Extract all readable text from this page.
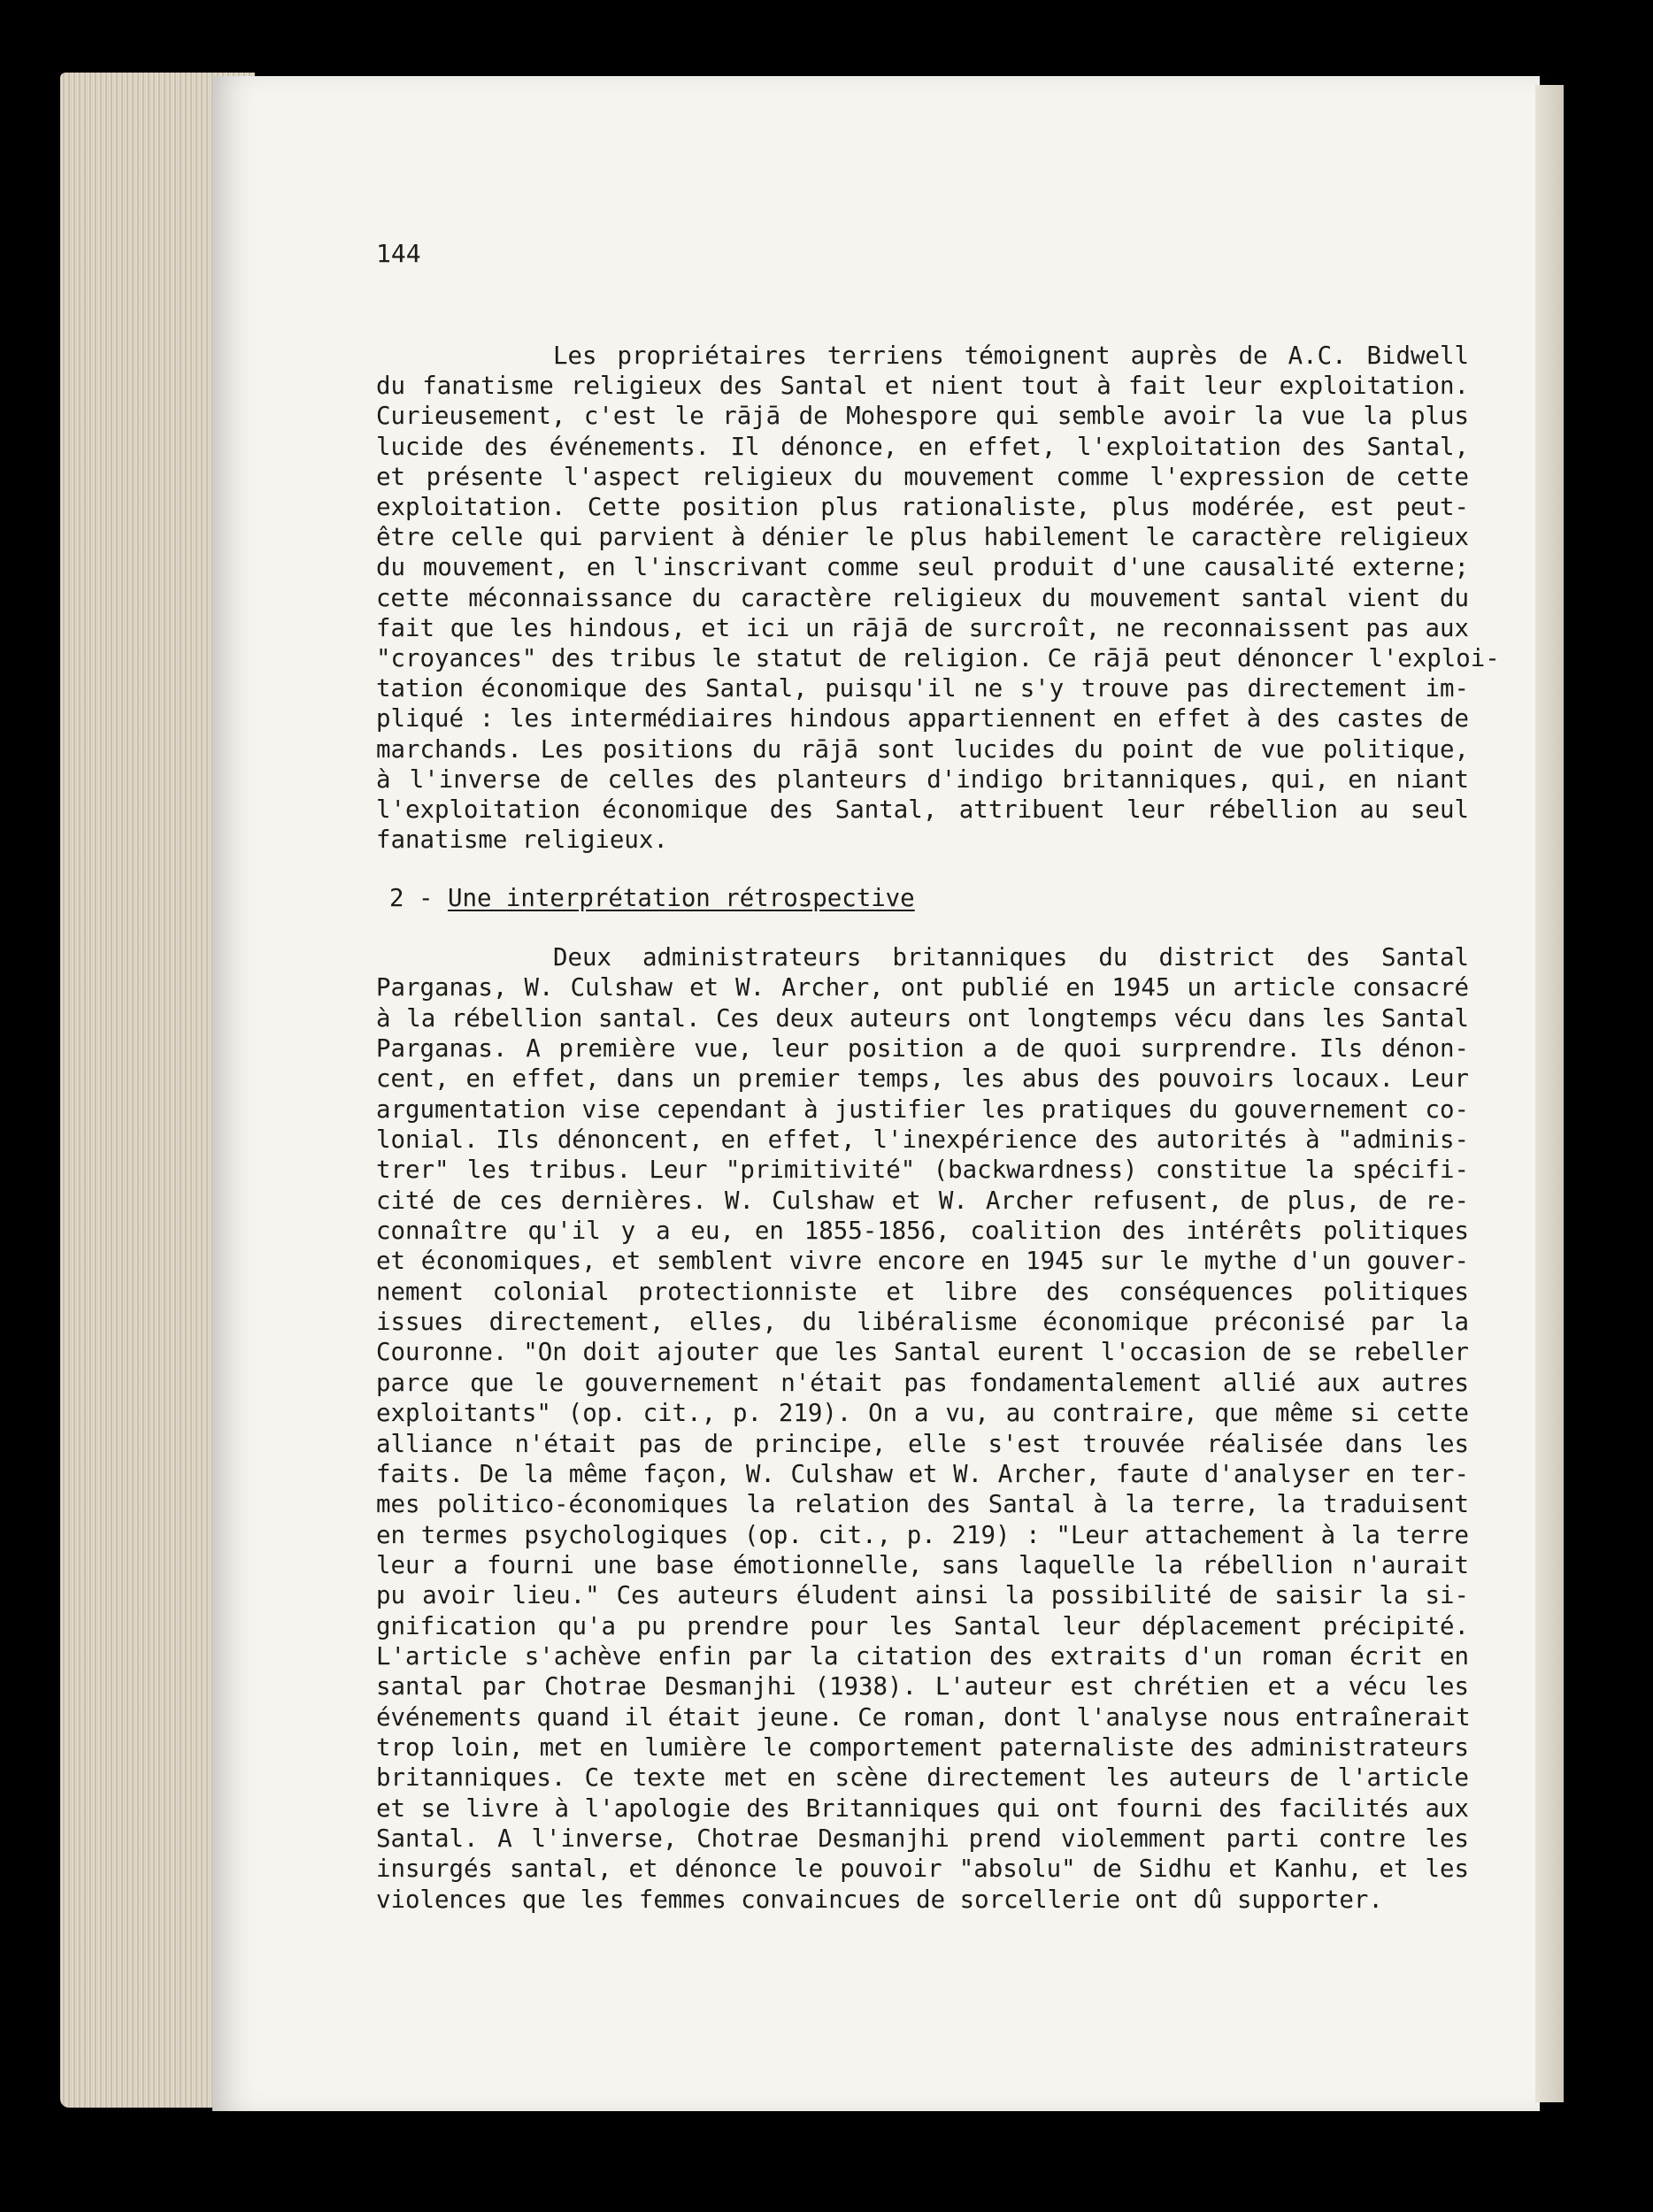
144
Les propriétaires terriens témoignent auprès de A.C. Bidwell
du fanatisme religieux des Santal et nient tout à fait leur exploitation.
Curieusement, c'est le rājā de Mohespore qui semble avoir la vue la plus
lucide des événements. Il dénonce, en effet, l'exploitation des Santal,
et présente l'aspect religieux du mouvement comme l'expression de cette
exploitation. Cette position plus rationaliste, plus modérée, est peut-
être celle qui parvient à dénier le plus habilement le caractère religieux
du mouvement, en l'inscrivant comme seul produit d'une causalité externe;
cette méconnaissance du caractère religieux du mouvement santal vient du
fait que les hindous, et ici un rājā de surcroît, ne reconnaissent pas aux
"croyances" des tribus le statut de religion. Ce rājā peut dénoncer l'exploi-
tation économique des Santal, puisqu'il ne s'y trouve pas directement im-
pliqué : les intermédiaires hindous appartiennent en effet à des castes de
marchands. Les positions du rājā sont lucides du point de vue politique,
à l'inverse de celles des planteurs d'indigo britanniques, qui, en niant
l'exploitation économique des Santal, attribuent leur rébellion au seul
fanatisme religieux.
2 - Une interprétation rétrospective
Deux administrateurs britanniques du district des Santal
Parganas, W. Culshaw et W. Archer, ont publié en 1945 un article consacré
à la rébellion santal. Ces deux auteurs ont longtemps vécu dans les Santal
Parganas. A première vue, leur position a de quoi surprendre. Ils dénon-
cent, en effet, dans un premier temps, les abus des pouvoirs locaux. Leur
argumentation vise cependant à justifier les pratiques du gouvernement co-
lonial. Ils dénoncent, en effet, l'inexpérience des autorités à "adminis-
trer" les tribus. Leur "primitivité" (backwardness) constitue la spécifi-
cité de ces dernières. W. Culshaw et W. Archer refusent, de plus, de re-
connaître qu'il y a eu, en 1855-1856, coalition des intérêts politiques
et économiques, et semblent vivre encore en 1945 sur le mythe d'un gouver-
nement colonial protectionniste et libre des conséquences politiques
issues directement, elles, du libéralisme économique préconisé par la
Couronne. "On doit ajouter que les Santal eurent l'occasion de se rebeller
parce que le gouvernement n'était pas fondamentalement allié aux autres
exploitants" (op. cit., p. 219). On a vu, au contraire, que même si cette
alliance n'était pas de principe, elle s'est trouvée réalisée dans les
faits. De la même façon, W. Culshaw et W. Archer, faute d'analyser en ter-
mes politico-économiques la relation des Santal à la terre, la traduisent
en termes psychologiques (op. cit., p. 219) : "Leur attachement à la terre
leur a fourni une base émotionnelle, sans laquelle la rébellion n'aurait
pu avoir lieu." Ces auteurs éludent ainsi la possibilité de saisir la si-
gnification qu'a pu prendre pour les Santal leur déplacement précipité.
L'article s'achève enfin par la citation des extraits d'un roman écrit en
santal par Chotrae Desmanjhi (1938). L'auteur est chrétien et a vécu les
événements quand il était jeune. Ce roman, dont l'analyse nous entraînerait
trop loin, met en lumière le comportement paternaliste des administrateurs
britanniques. Ce texte met en scène directement les auteurs de l'article
et se livre à l'apologie des Britanniques qui ont fourni des facilités aux
Santal. A l'inverse, Chotrae Desmanjhi prend violemment parti contre les
insurgés santal, et dénonce le pouvoir "absolu" de Sidhu et Kanhu, et les
violences que les femmes convaincues de sorcellerie ont dû supporter.
